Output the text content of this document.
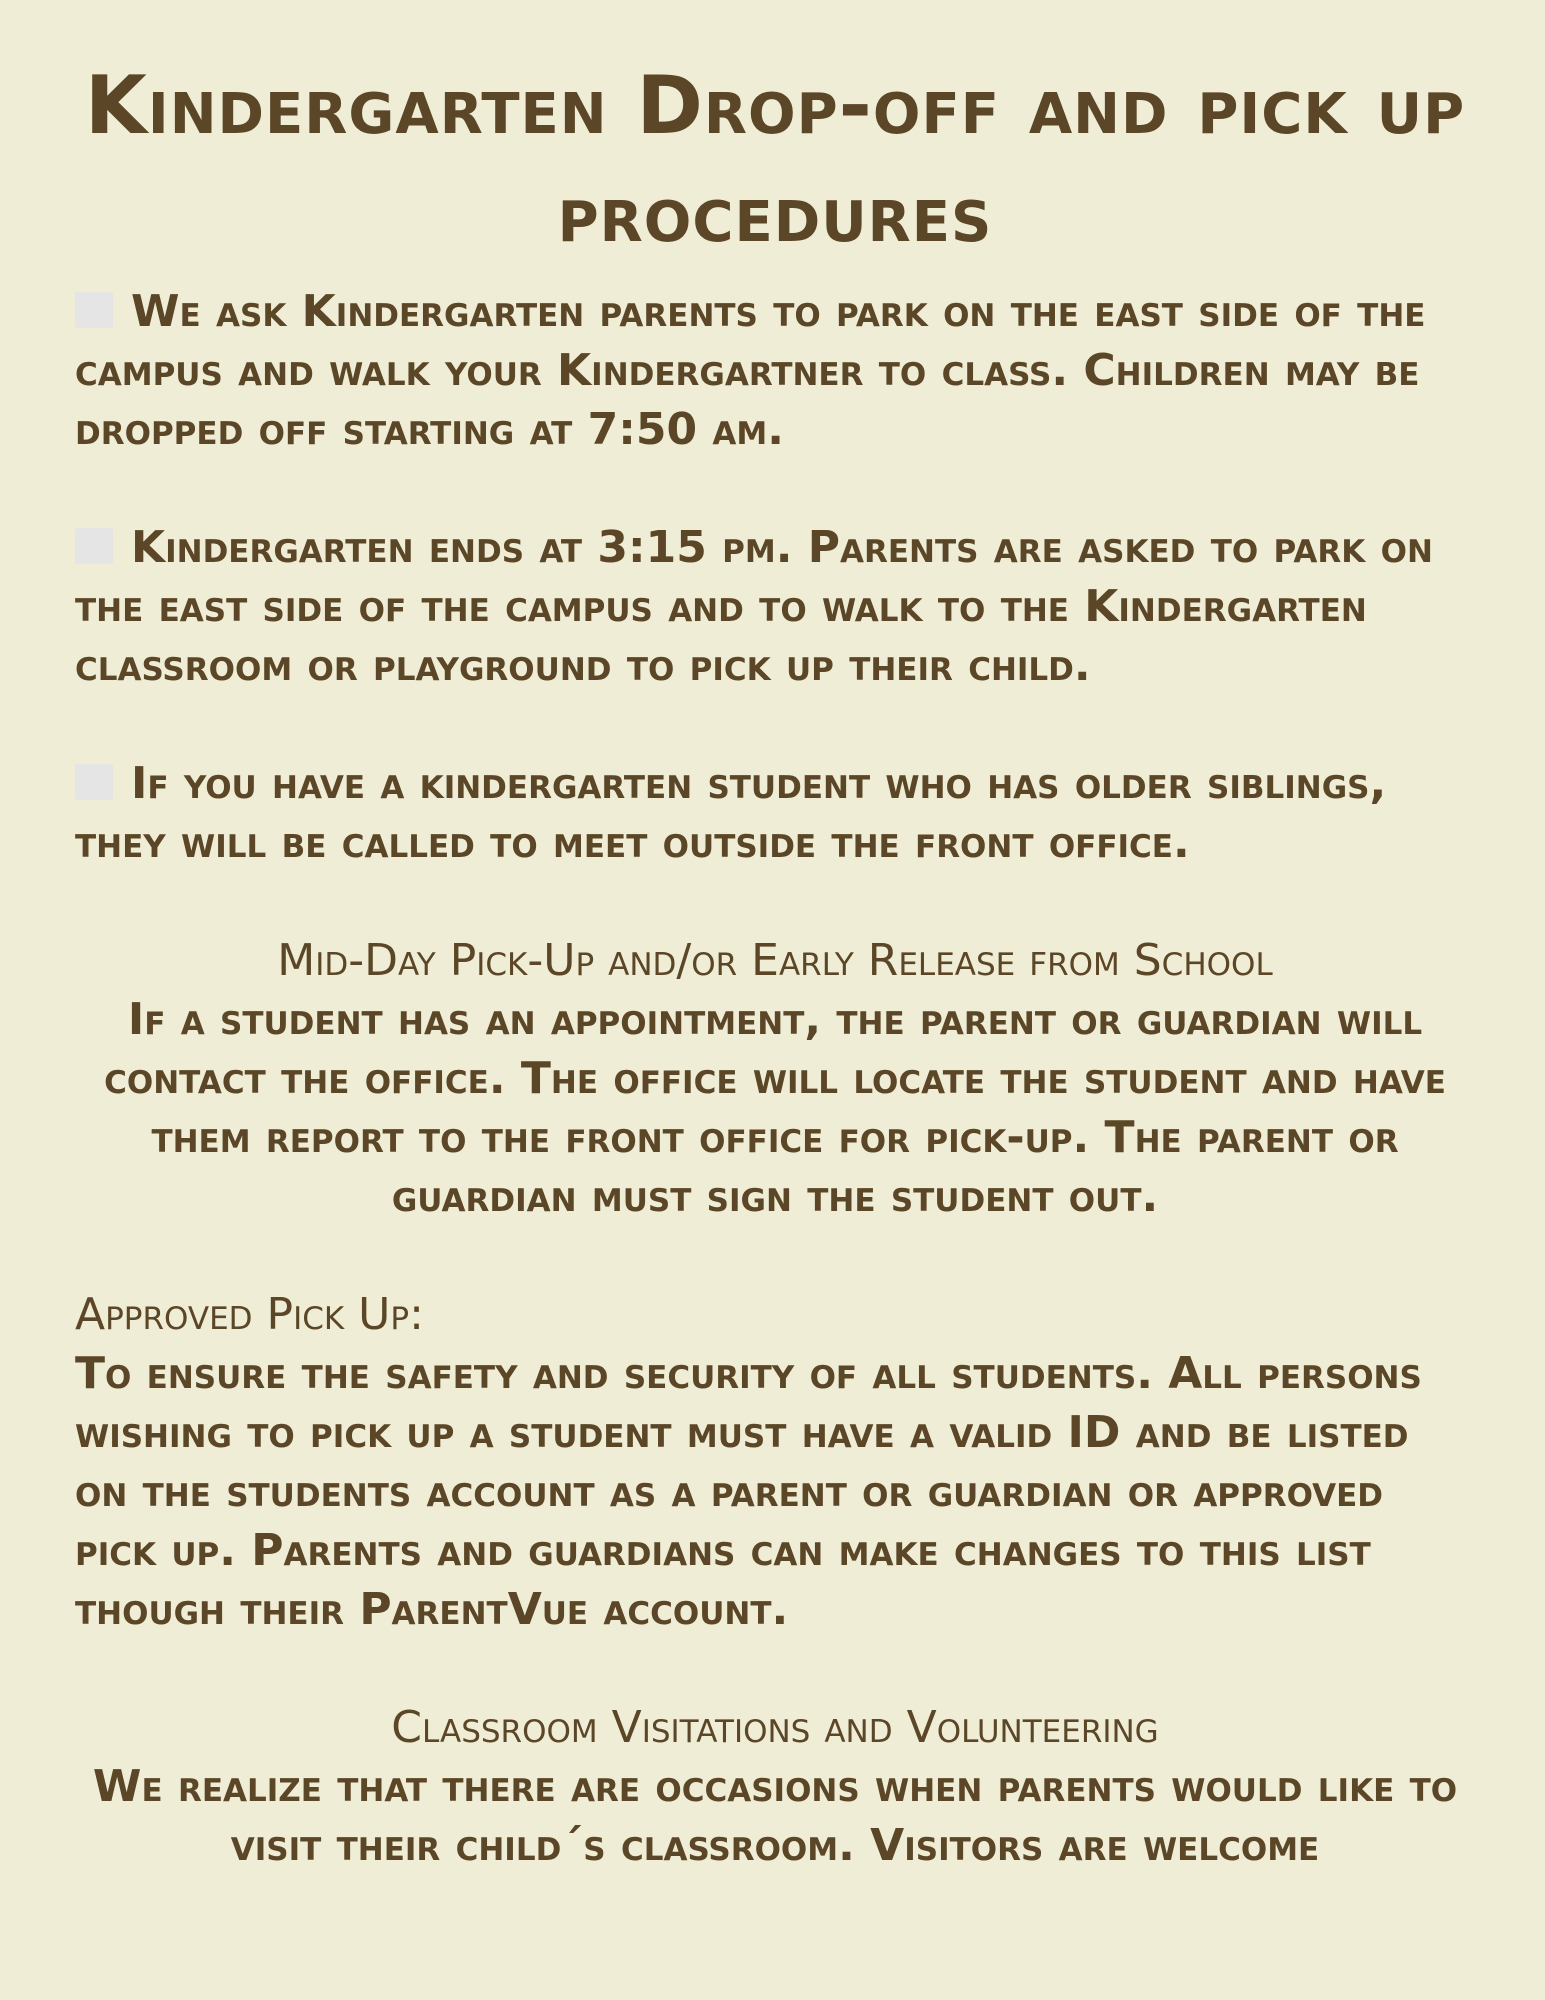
Kindergarten Drop-off and pick up procedures

We ask Kindergarten parents to park on the east side of the campus and walk your Kindergartner to class. Children may be dropped off starting at 7:50 am.

Kindergarten ends at 3:15 pm. Parents are asked to park on the east side of the campus and to walk to the Kindergarten classroom or playground to pick up their child.

If you have a kindergarten student who has older siblings, they will be called to meet outside the front office.

Mid-Day Pick-Up and/or Early Release from School

If a student has an appointment, the parent or guardian will contact the office. The office will locate the student and have them report to the front office for pick-up. The parent or guardian must sign the student out.

Approved Pick Up:

To ensure the safety and security of all students. All persons wishing to pick up a student must have a valid ID and be listed on the students account as a parent or guardian or approved pick up. Parents and guardians can make changes to this list though their ParentVue account.

Classroom Visitations and Volunteering

We realize that there are occasions when parents would like to visit their child´s classroom. Visitors are welcome
